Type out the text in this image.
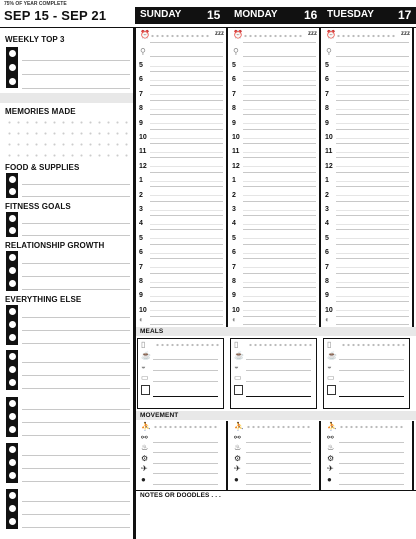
75% OF YEAR COMPLETE
SEP 15 - SEP 21	SUNDAY 15 MONDAY 16 TUESDAY 17
WEEKLY TOP 3
MEMORIES MADE
FOOD & SUPPLIES
FITNESS GOALS
RELATIONSHIP GROWTH
EVERYTHING ELSE
⏰	zzz
⚲
5
6
7
8
9
10
11
12
1
2
3
4
5
6
7
8
9
10
◐
▯
☕
◒
▭
⛹
⚯
♨
⚙
✈
●
⏰	zzz
⚲
5
6
7
8
9
10
11
12
1
2
3
4
5
6
7
8
9
10
◐
▯
☕
◒
▭
⛹
⚯
♨
⚙
✈
●
⏰	zzz
⚲
5
6
7
8
9
10
11
12
1
2
3
4
5
6
7
8
9
10
◐
▯
☕
◒
▭
⛹
⚯
♨
⚙
✈
●
MEALS
MOVEMENT
NOTES OR DOODLES . . .
